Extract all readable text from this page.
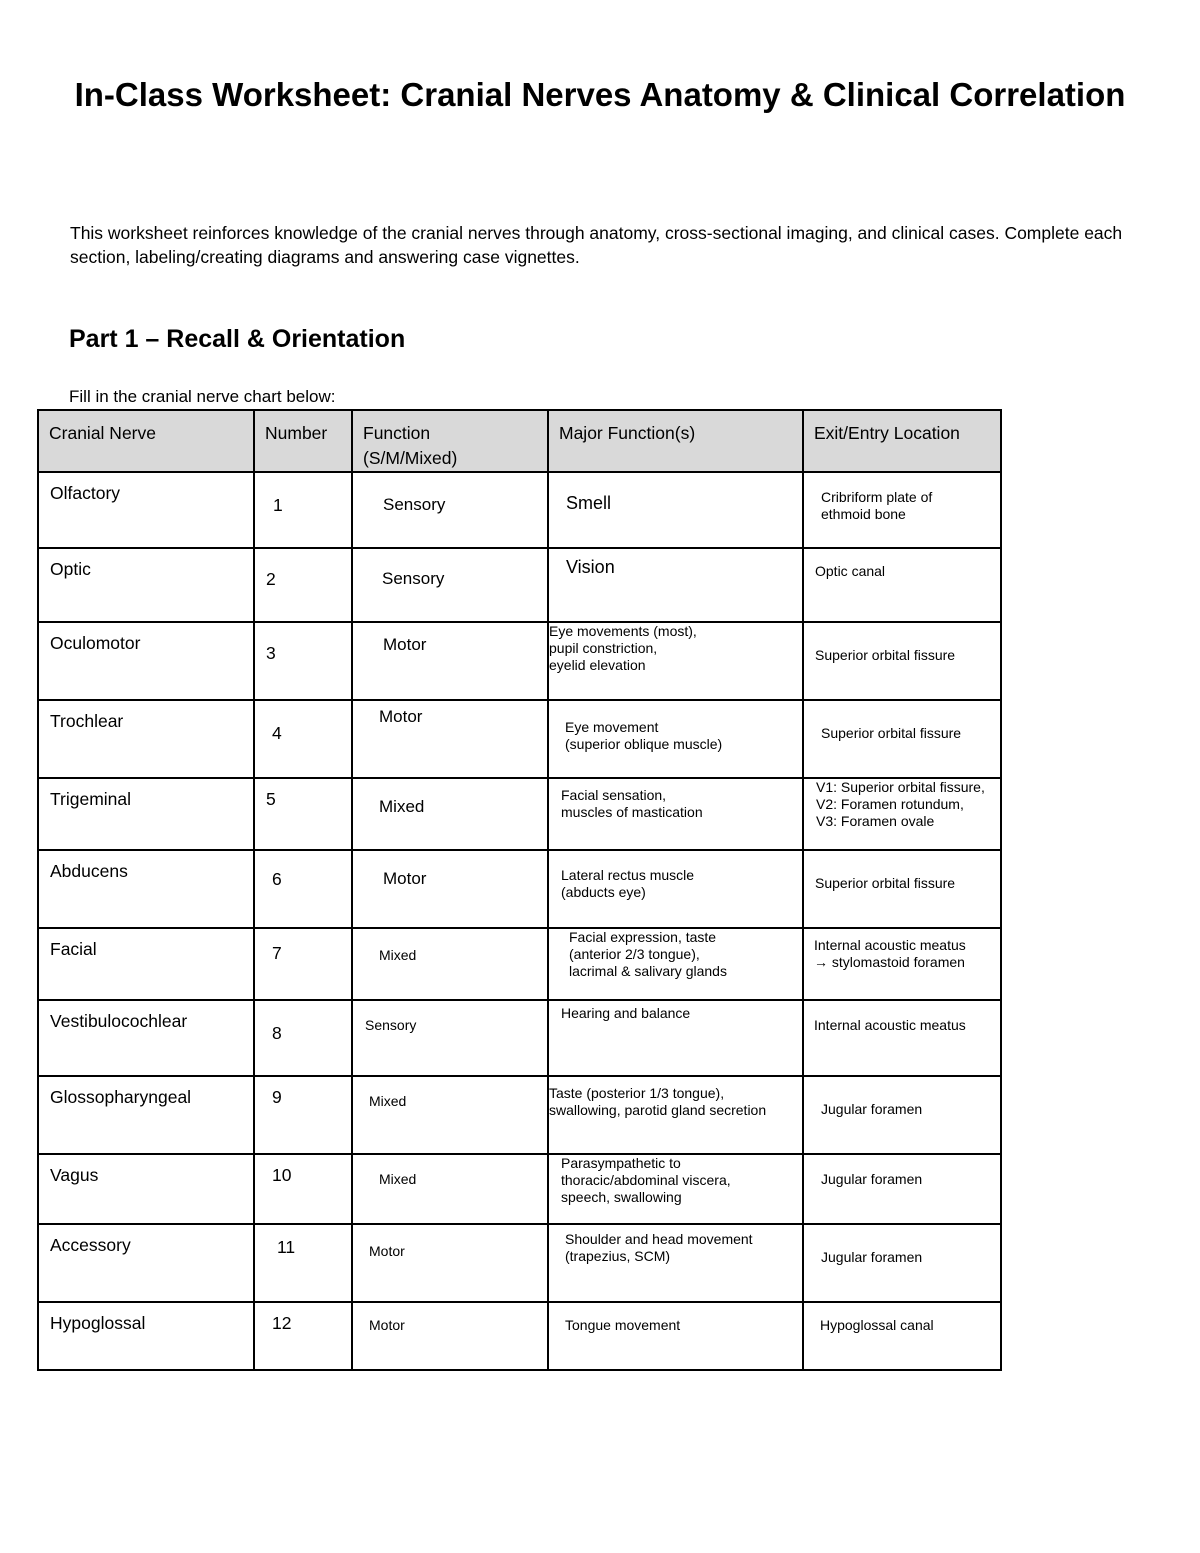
In-Class Worksheet: Cranial Nerves Anatomy & Clinical Correlation

This worksheet reinforces knowledge of the cranial nerves through anatomy, cross-sectional imaging, and clinical cases. Complete each section, labeling/creating diagrams and answering case vignettes.

Part 1 – Recall & Orientation

Fill in the cranial nerve chart below:

Cranial Nerve	Number	Function
(S/M/Mixed)	Major Function(s)	Exit/Entry Location

Olfactory	1	Sensory	Smell	Cribriform plate of
ethmoid bone

Optic	2	Sensory	Vision	Optic canal

Oculomotor	3	Motor	Eye movements (most),
pupil constriction,
eyelid elevation	Superior orbital fissure

Trochlear	4	Motor	Eye movement
(superior oblique muscle)	Superior orbital fissure

Trigeminal	5	Mixed	Facial sensation,
muscles of mastication	V1: Superior orbital fissure,
V2: Foramen rotundum,
V3: Foramen ovale

Abducens	6	Motor	Lateral rectus muscle
(abducts eye)	Superior orbital fissure

Facial	7	Mixed	Facial expression, taste
(anterior 2/3 tongue),
lacrimal & salivary glands	Internal acoustic meatus
→ stylomastoid foramen

Vestibulocochlear	8	Sensory	Hearing and balance	Internal acoustic meatus

Glossopharyngeal	9	Mixed	Taste (posterior 1/3 tongue),
swallowing, parotid gland secretion	Jugular foramen

Vagus	10	Mixed	Parasympathetic to
thoracic/abdominal viscera,
speech, swallowing	Jugular foramen

Accessory	11	Motor	Shoulder and head movement
(trapezius, SCM)	Jugular foramen

Hypoglossal	12	Motor	Tongue movement	Hypoglossal canal
